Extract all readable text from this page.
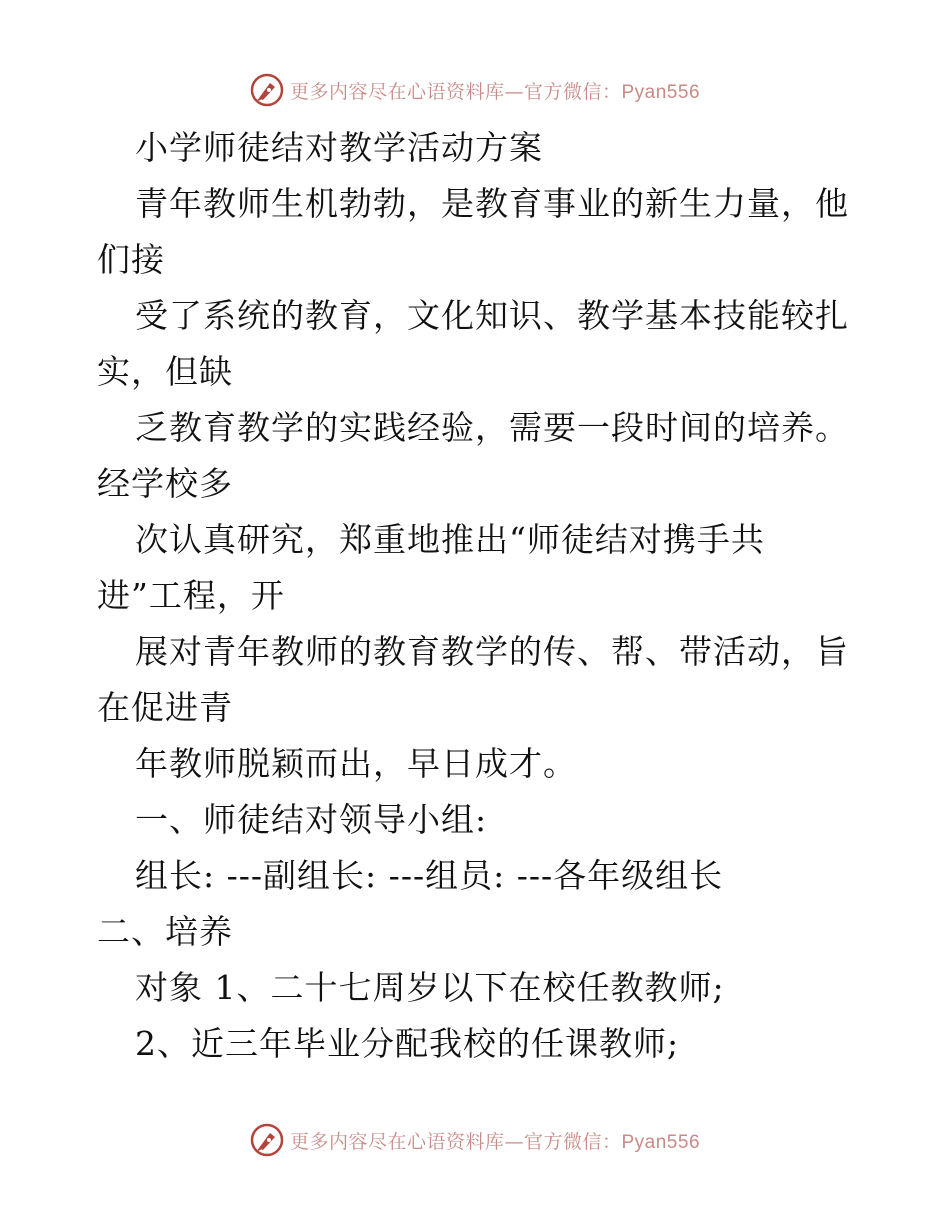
更多内容尽在心语资料库—官方微信：Pyan556
小学师徒结对教学活动方案
青年教师生机勃勃，是教育事业的新生力量，他
们接
受了系统的教育，文化知识、教学基本技能较扎
实，但缺
乏教育教学的实践经验，需要一段时间的培养。
经学校多
次认真研究，郑重地推出“师徒结对携手共
进”工程，开
展对青年教师的教育教学的传、帮、带活动，旨
在促进青
年教师脱颖而出，早日成才。
一、师徒结对领导小组:
组长: ---副组长: ---组员: ---各年级组长
二、培养
对象 1、二十七周岁以下在校任教教师;
2、近三年毕业分配我校的任课教师;
更多内容尽在心语资料库—官方微信：Pyan556
